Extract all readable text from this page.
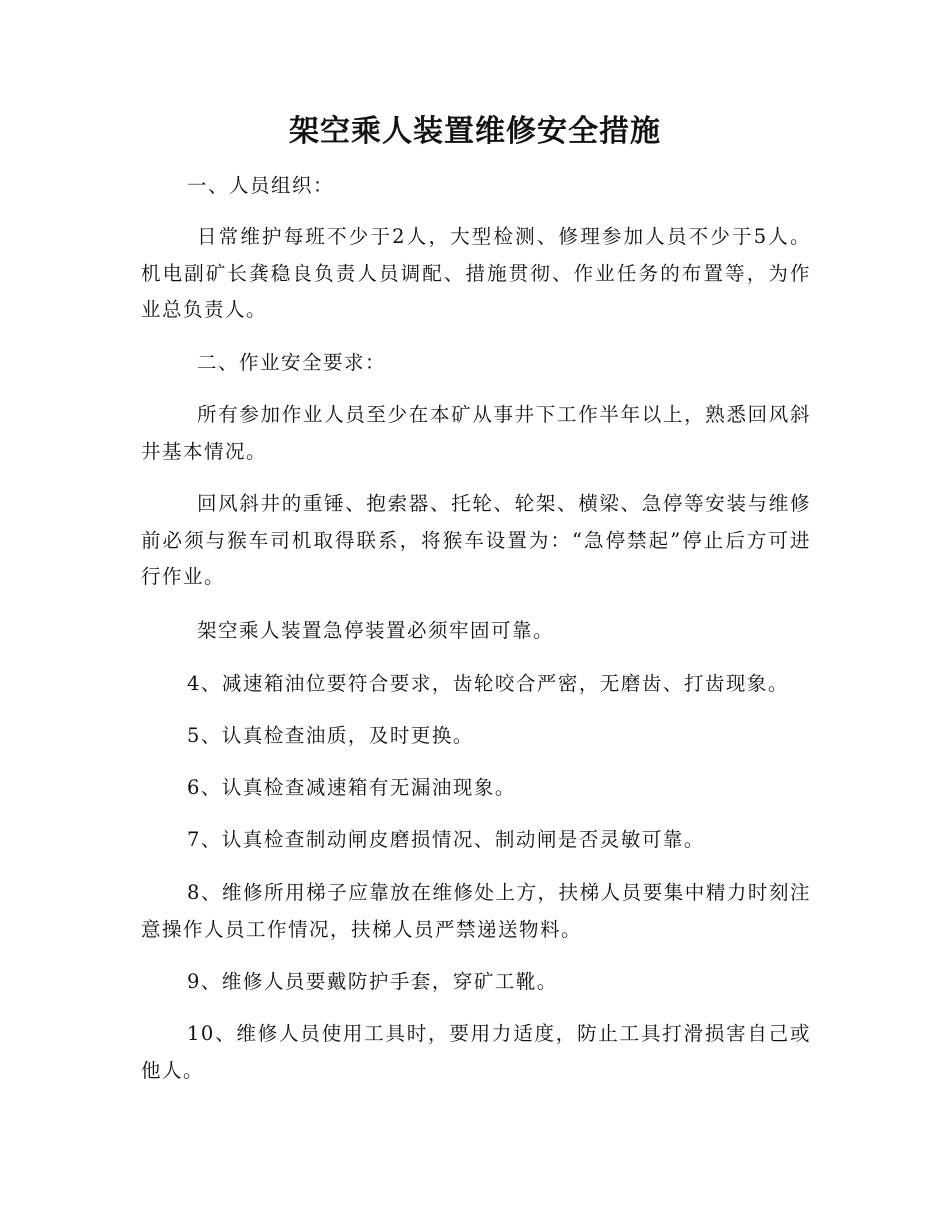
架空乘人装置维修安全措施

一、人员组织：

日常维护每班不少于2人，大型检测、修理参加人员不少于5人。机电副矿长龚稳良负责人员调配、措施贯彻、作业任务的布置等，为作业总负责人。

二、作业安全要求：

所有参加作业人员至少在本矿从事井下工作半年以上，熟悉回风斜井基本情况。

回风斜井的重锤、抱索器、托轮、轮架、横梁、急停等安装与维修前必须与猴车司机取得联系，将猴车设置为：“急停禁起”停止后方可进行作业。

架空乘人装置急停装置必须牢固可靠。

4、减速箱油位要符合要求，齿轮咬合严密，无磨齿、打齿现象。

5、认真检查油质，及时更换。

6、认真检查减速箱有无漏油现象。

7、认真检查制动闸皮磨损情况、制动闸是否灵敏可靠。

8、维修所用梯子应靠放在维修处上方，扶梯人员要集中精力时刻注意操作人员工作情况，扶梯人员严禁递送物料。

9、维修人员要戴防护手套，穿矿工靴。

10、维修人员使用工具时，要用力适度，防止工具打滑损害自己或他人。
